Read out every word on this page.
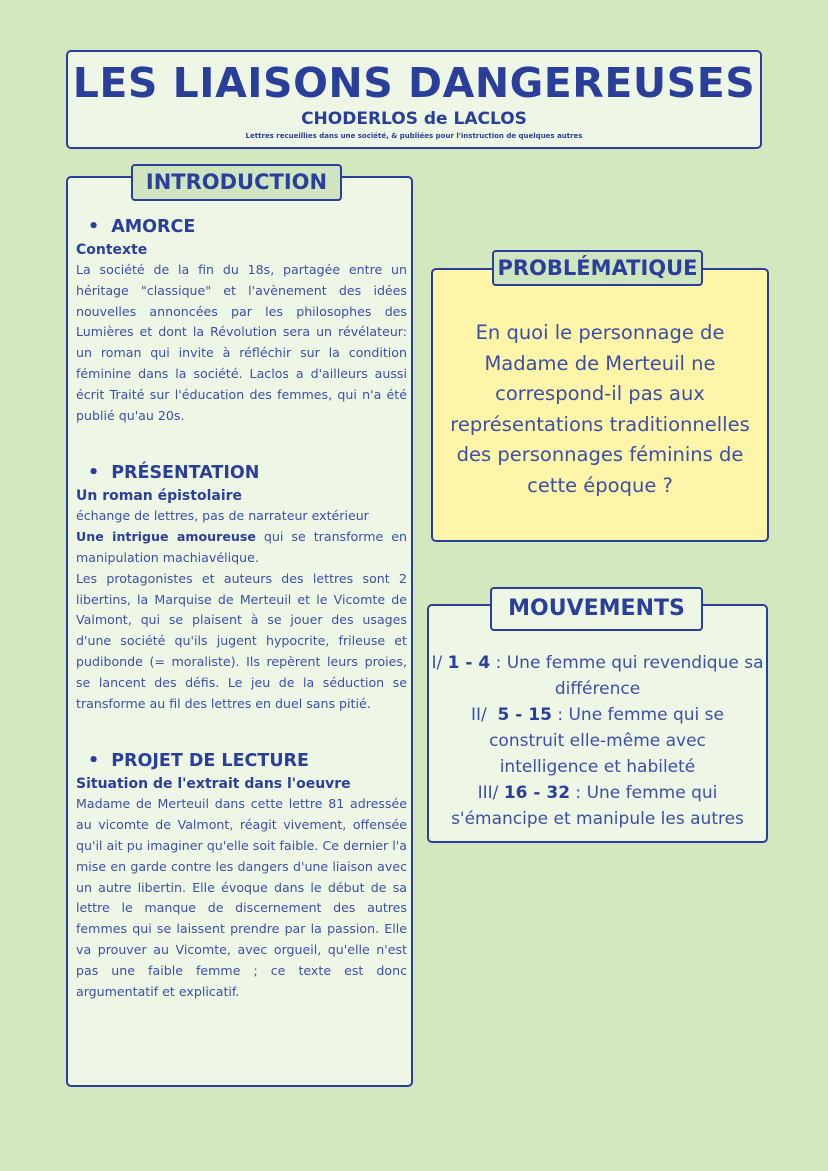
LES LIAISONS DANGEREUSES
CHODERLOS de LACLOS
Lettres recueillies dans une société, & publiées pour l'instruction de quelques autres
• AMORCE
Contexte
La société de la fin du 18s, partagée entre un héritage "classique" et l'avènement des idées nouvelles annoncées par les philosophes des Lumières et dont la Révolution sera un révélateur: un roman qui invite à réfléchir sur la condition féminine dans la société. Laclos a d'ailleurs aussi écrit Traité sur l'éducation des femmes, qui n'a été publié qu'au 20s.
• PRÉSENTATION
Un roman épistolaire
échange de lettres, pas de narrateur extérieur
Une intrigue amoureuse qui se transforme en manipulation machiavélique.
Les protagonistes et auteurs des lettres sont 2 libertins, la Marquise de Merteuil et le Vicomte de Valmont, qui se plaisent à se jouer des usages d'une société qu'ils jugent hypocrite, frileuse et pudibonde (= moraliste). Ils repèrent leurs proies, se lancent des défis. Le jeu de la séduction se transforme au fil des lettres en duel sans pitié.
• PROJET DE LECTURE
Situation de l'extrait dans l'oeuvre
Madame de Merteuil dans cette lettre 81 adressée au vicomte de Valmont, réagit vivement, offensée qu'il ait pu imaginer qu'elle soit faible. Ce dernier l'a mise en garde contre les dangers d'une liaison avec un autre libertin. Elle évoque dans le début de sa lettre le manque de discernement des autres femmes qui se laissent prendre par la passion. Elle va prouver au Vicomte, avec orgueil, qu'elle n'est pas une faible femme ; ce texte est donc argumentatif et explicatif.
INTRODUCTION
En quoi le personnage de Madame de Merteuil ne correspond-il pas aux représentations traditionnelles des personnages féminins de cette époque ?
PROBLÉMATIQUE
I/ 1 - 4 : Une femme qui revendique sa différence
II/  5 - 15 : Une femme qui se construit elle-même avec intelligence et habileté
III/ 16 - 32 : Une femme qui s'émancipe et manipule les autres
MOUVEMENTS
